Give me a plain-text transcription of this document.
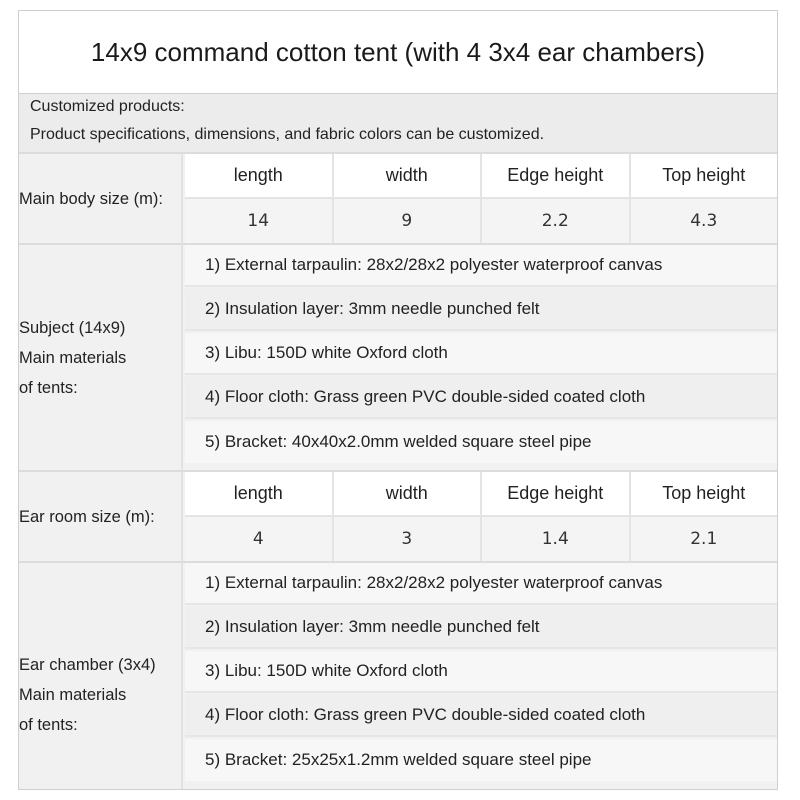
14x9 command cotton tent (with 4 3x4 ear chambers)
Customized products:
Product specifications, dimensions, and fabric colors can be customized.
Main body size (m):
length	width	Edge height	Top height
14	9	2.2	4.3
Subject (14x9)
Main materials
of tents:
1) External tarpaulin: 28x2/28x2 polyester waterproof canvas
2) Insulation layer: 3mm needle punched felt
3) Libu: 150D white Oxford cloth
4) Floor cloth: Grass green PVC double-sided coated cloth
5) Bracket: 40x40x2.0mm welded square steel pipe
Ear room size (m):
length	width	Edge height	Top height
4	3	1.4	2.1
Ear chamber (3x4)
Main materials
of tents:
1) External tarpaulin: 28x2/28x2 polyester waterproof canvas
2) Insulation layer: 3mm needle punched felt
3) Libu: 150D white Oxford cloth
4) Floor cloth: Grass green PVC double-sided coated cloth
5) Bracket: 25x25x1.2mm welded square steel pipe
